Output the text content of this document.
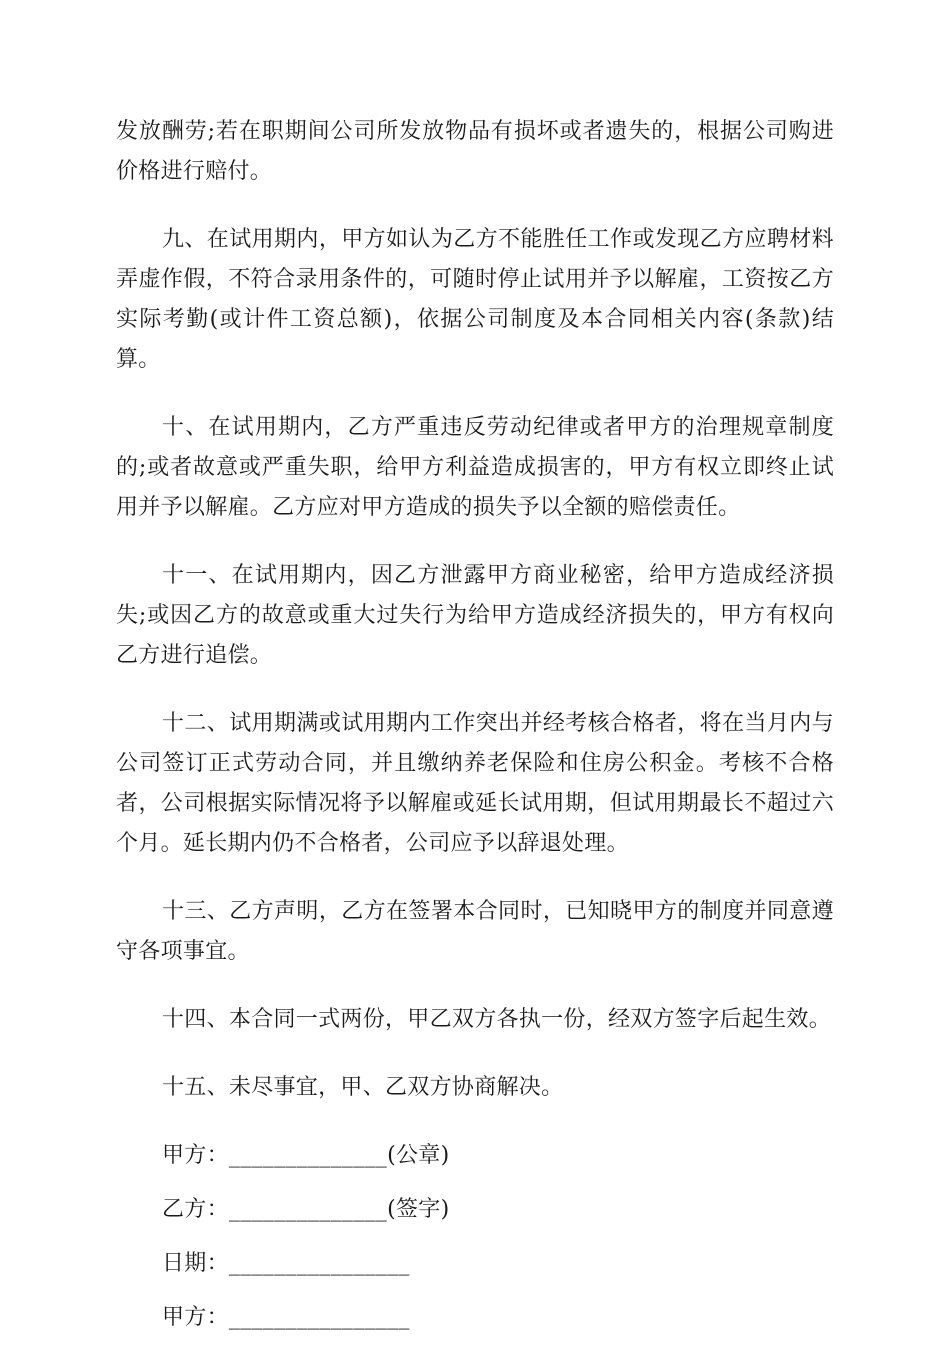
发放酬劳;若在职期间公司所发放物品有损坏或者遗失的，根据公司购进价格进行赔付。

九、在试用期内，甲方如认为乙方不能胜任工作或发现乙方应聘材料弄虚作假，不符合录用条件的，可随时停止试用并予以解雇，工资按乙方实际考勤(或计件工资总额)，依据公司制度及本合同相关内容(条款)结算。

十、在试用期内，乙方严重违反劳动纪律或者甲方的治理规章制度的;或者故意或严重失职，给甲方利益造成损害的，甲方有权立即终止试用并予以解雇。乙方应对甲方造成的损失予以全额的赔偿责任。

十一、在试用期内，因乙方泄露甲方商业秘密，给甲方造成经济损失;或因乙方的故意或重大过失行为给甲方造成经济损失的，甲方有权向乙方进行追偿。

十二、试用期满或试用期内工作突出并经考核合格者，将在当月内与公司签订正式劳动合同，并且缴纳养老保险和住房公积金。考核不合格者，公司根据实际情况将予以解雇或延长试用期，但试用期最长不超过六个月。延长期内仍不合格者，公司应予以辞退处理。

十三、乙方声明，乙方在签署本合同时，已知晓甲方的制度并同意遵守各项事宜。

十四、本合同一式两份，甲乙双方各执一份，经双方签字后起生效。

十五、未尽事宜，甲、乙双方协商解决。

甲方：______________(公章)
乙方：______________(签字)
日期：________________
甲方：________________
